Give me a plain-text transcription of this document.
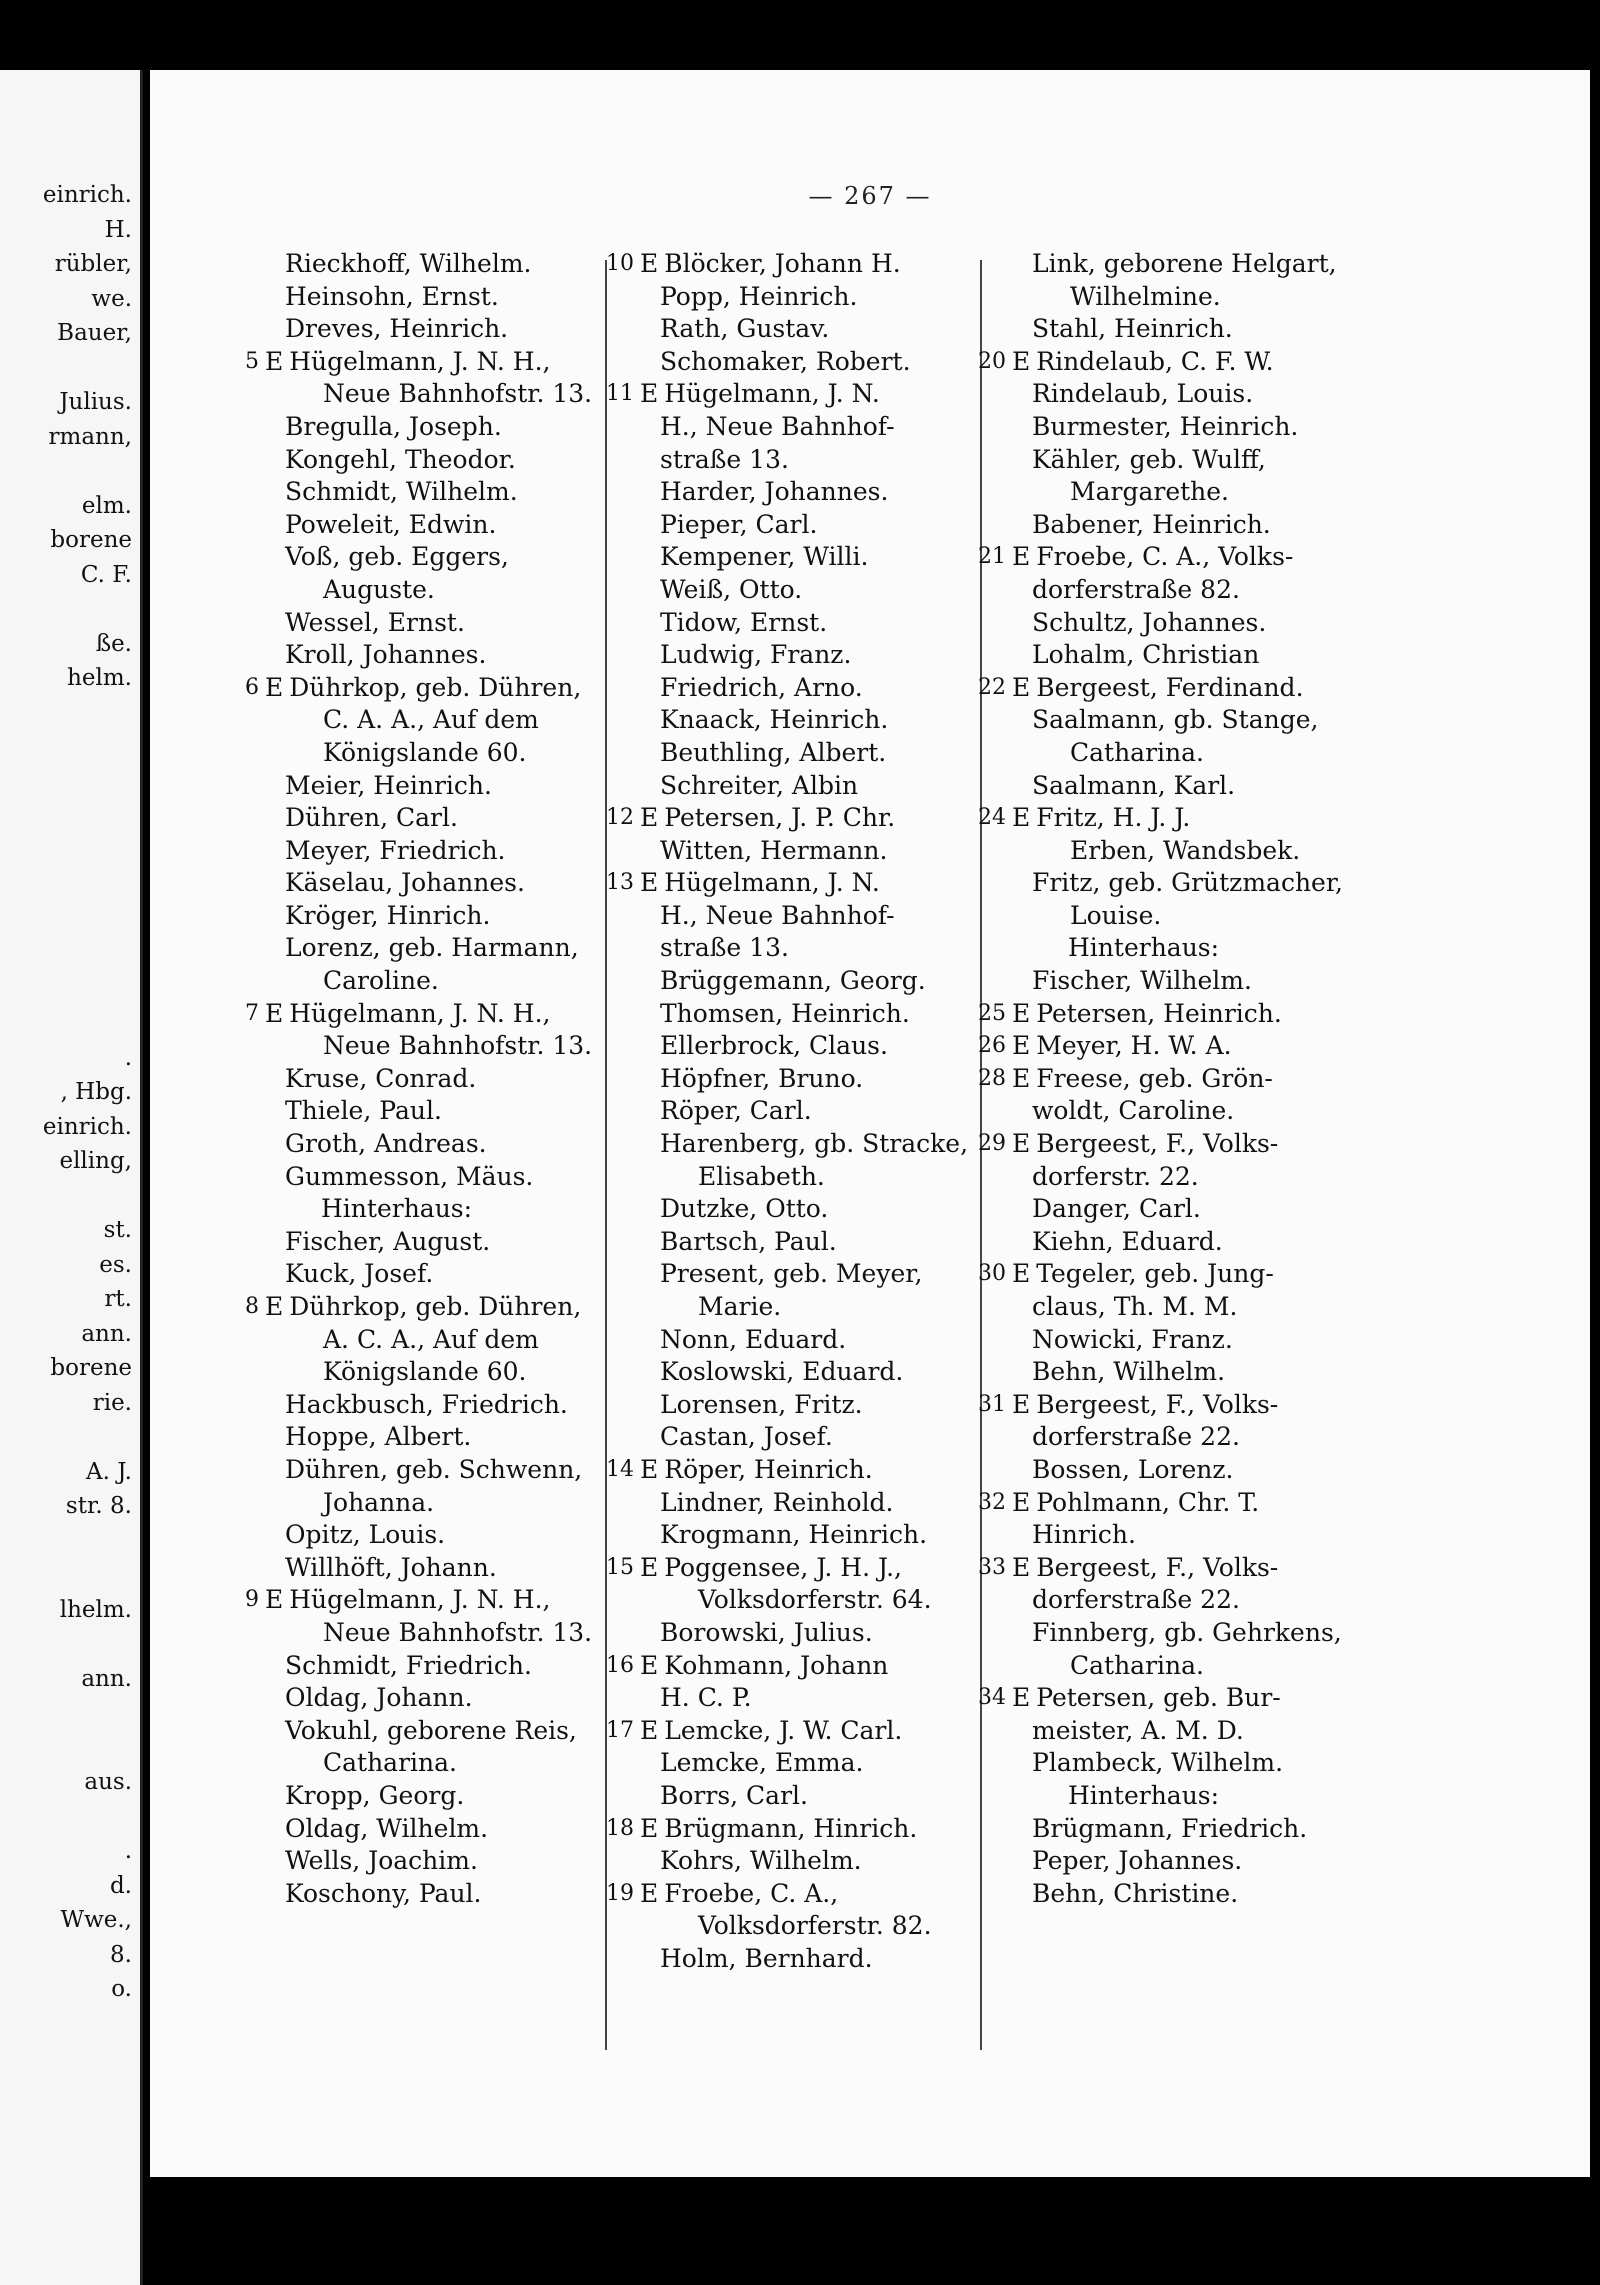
einrich.
H.
rübler,
we.
Bauer,
Julius.
rmann,
elm.
borene
C. F.
ße.
helm.
.
, Hbg.
einrich.
elling,
st.
es.
rt.
ann.
borene
rie.
A. J.
str. 8.
lhelm.
ann.
aus.
.
d.
Wwe.,
8.
o.
— 267 —
Rieckhoff, Wilhelm.
Heinsohn, Ernst.
Dreves, Heinrich.
5 E Hügelmann, J. N. H.,
Neue Bahnhofstr. 13.
Bregulla, Joseph.
Kongehl, Theodor.
Schmidt, Wilhelm.
Poweleit, Edwin.
Voß, geb. Eggers,
Auguste.
Wessel, Ernst.
Kroll, Johannes.
6 E Dührkop, geb. Dühren,
C. A. A., Auf dem
Königslande 60.
Meier, Heinrich.
Dühren, Carl.
Meyer, Friedrich.
Käselau, Johannes.
Kröger, Hinrich.
Lorenz, geb. Harmann,
Caroline.
7 E Hügelmann, J. N. H.,
Neue Bahnhofstr. 13.
Kruse, Conrad.
Thiele, Paul.
Groth, Andreas.
Gummesson, Mäus.
Hinterhaus:
Fischer, August.
Kuck, Josef.
8 E Dührkop, geb. Dühren,
A. C. A., Auf dem
Königslande 60.
Hackbusch, Friedrich.
Hoppe, Albert.
Dühren, geb. Schwenn,
Johanna.
Opitz, Louis.
Willhöft, Johann.
9 E Hügelmann, J. N. H.,
Neue Bahnhofstr. 13.
Schmidt, Friedrich.
Oldag, Johann.
Vokuhl, geborene Reis,
Catharina.
Kropp, Georg.
Oldag, Wilhelm.
Wells, Joachim.
Koschony, Paul.
10 E Blöcker, Johann H.
Popp, Heinrich.
Rath, Gustav.
Schomaker, Robert.
11 E Hügelmann, J. N.
H., Neue Bahnhof-
straße 13.
Harder, Johannes.
Pieper, Carl.
Kempener, Willi.
Weiß, Otto.
Tidow, Ernst.
Ludwig, Franz.
Friedrich, Arno.
Knaack, Heinrich.
Beuthling, Albert.
Schreiter, Albin
12 E Petersen, J. P. Chr.
Witten, Hermann.
13 E Hügelmann, J. N.
H., Neue Bahnhof-
straße 13.
Brüggemann, Georg.
Thomsen, Heinrich.
Ellerbrock, Claus.
Höpfner, Bruno.
Röper, Carl.
Harenberg, gb. Stracke,
Elisabeth.
Dutzke, Otto.
Bartsch, Paul.
Present, geb. Meyer,
Marie.
Nonn, Eduard.
Koslowski, Eduard.
Lorensen, Fritz.
Castan, Josef.
14 E Röper, Heinrich.
Lindner, Reinhold.
Krogmann, Heinrich.
15 E Poggensee, J. H. J.,
Volksdorferstr. 64.
Borowski, Julius.
16 E Kohmann, Johann
H. C. P.
17 E Lemcke, J. W. Carl.
Lemcke, Emma.
Borrs, Carl.
18 E Brügmann, Hinrich.
Kohrs, Wilhelm.
19 E Froebe, C. A.,
Volksdorferstr. 82.
Holm, Bernhard.
Link, geborene Helgart,
Wilhelmine.
Stahl, Heinrich.
20 E Rindelaub, C. F. W.
Rindelaub, Louis.
Burmester, Heinrich.
Kähler, geb. Wulff,
Margarethe.
Babener, Heinrich.
21 E Froebe, C. A., Volks-
dorferstraße 82.
Schultz, Johannes.
Lohalm, Christian
22 E Bergeest, Ferdinand.
Saalmann, gb. Stange,
Catharina.
Saalmann, Karl.
24 E Fritz, H. J. J.
Erben, Wandsbek.
Fritz, geb. Grützmacher,
Louise.
Hinterhaus:
Fischer, Wilhelm.
25 E Petersen, Heinrich.
26 E Meyer, H. W. A.
28 E Freese, geb. Grön-
woldt, Caroline.
29 E Bergeest, F., Volks-
dorferstr. 22.
Danger, Carl.
Kiehn, Eduard.
30 E Tegeler, geb. Jung-
claus, Th. M. M.
Nowicki, Franz.
Behn, Wilhelm.
31 E Bergeest, F., Volks-
dorferstraße 22.
Bossen, Lorenz.
32 E Pohlmann, Chr. T.
Hinrich.
33 E Bergeest, F., Volks-
dorferstraße 22.
Finnberg, gb. Gehrkens,
Catharina.
34 E Petersen, geb. Bur-
meister, A. M. D.
Plambeck, Wilhelm.
Hinterhaus:
Brügmann, Friedrich.
Peper, Johannes.
Behn, Christine.
